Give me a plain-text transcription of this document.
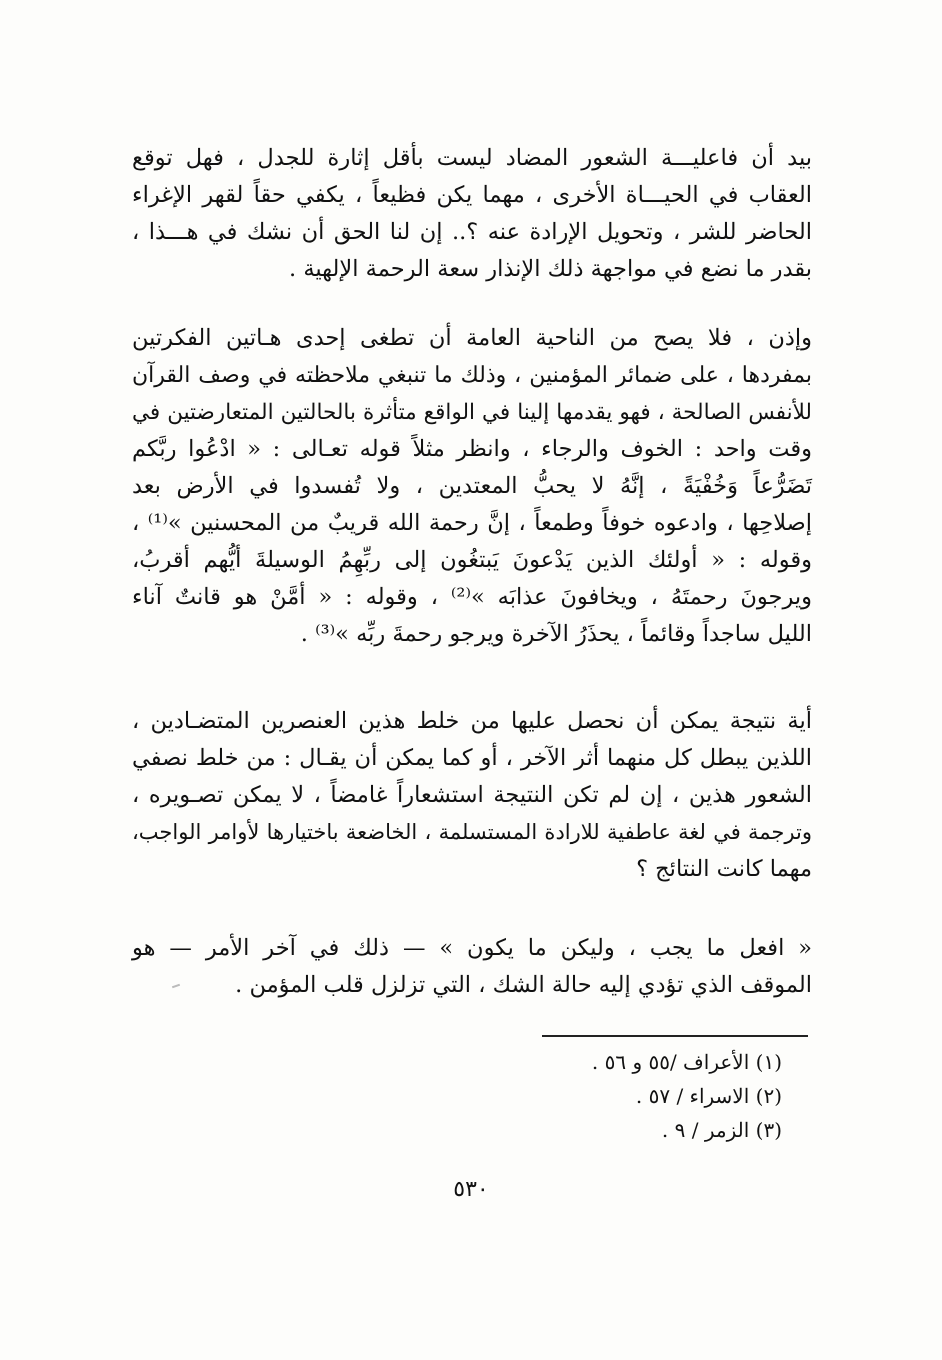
بيد أن فاعليـــة الشعور المضاد ليست بأقل إثارة للجدل ، فهل توقع
العقاب في الحيـــاة الأخرى ، مهما يكن فظيعاً ، يكفي حقاً لقهر الإغراء
الحاضر للشر ، وتحويل الإرادة عنه ؟.. إن لنا الحق أن نشك في هـــذا ،
بقدر ما نضع في مواجهة ذلك الإنذار سعة الرحمة الإلهية .
وإذن ، فلا يصح من الناحية العامة أن تطغى إحدى هـاتين الفكرتين
بمفردها ، على ضمائر المؤمنين ، وذلك ما تنبغي ملاحظته في وصف القرآن
للأنفس الصالحة ، فهو يقدمها إلينا في الواقع متأثرة بالحالتين المتعارضتين في
وقت واحد : الخوف والرجاء ، وانظر مثلاً قوله تعـالى : « ادْعُوا ربَّكم
تَضَرُّعاً وَخُفْيَةً ، إنَّهُ لا يحبُّ المعتدين ، ولا تُفسدوا في الأرض بعد
إصلاحِها ، وادعوه خوفاً وطمعاً ، إنَّ رحمة الله قريبٌ من المحسنين »⁽¹⁾ ،
وقوله : « أولئك الذين يَدْعونَ يَبتغُون إلى ربِّهِمُ الوسيلةَ أيُّهم أقربُ،
ويرجونَ رحمتَهُ ، ويخافونَ عذابَه »⁽²⁾ ، وقوله : « أمَّنْ هو قانتٌ آناء
الليل ساجداً وقائماً ، يحذَرُ الآخرة ويرجو رحمةَ ربِّه »⁽³⁾ .
أية نتيجة يمكن أن نحصل عليها من خلط هذين العنصرين المتضـادين ،
اللذين يبطل كل منهما أثر الآخر ، أو كما يمكن أن يقـال : من خلط نصفي
الشعور هذين ، إن لم تكن النتيجة استشعاراً غامضاً ، لا يمكن تصـويره ،
وترجمة في لغة عاطفية للارادة المستسلمة ، الخاضعة باختيارها لأوامر الواجب،
مهما كانت النتائج ؟
« افعل ما يجب ، وليكن ما يكون » — ذلك في آخر الأمر — هو
الموقف الذي تؤدي إليه حالة الشك ، التي تزلزل قلب المؤمن .
(١) الأعراف /٥٥ و ٥٦ .
(٢) الاسراء / ٥٧ .
(٣) الزمر / ٩ .
٥٣٠
